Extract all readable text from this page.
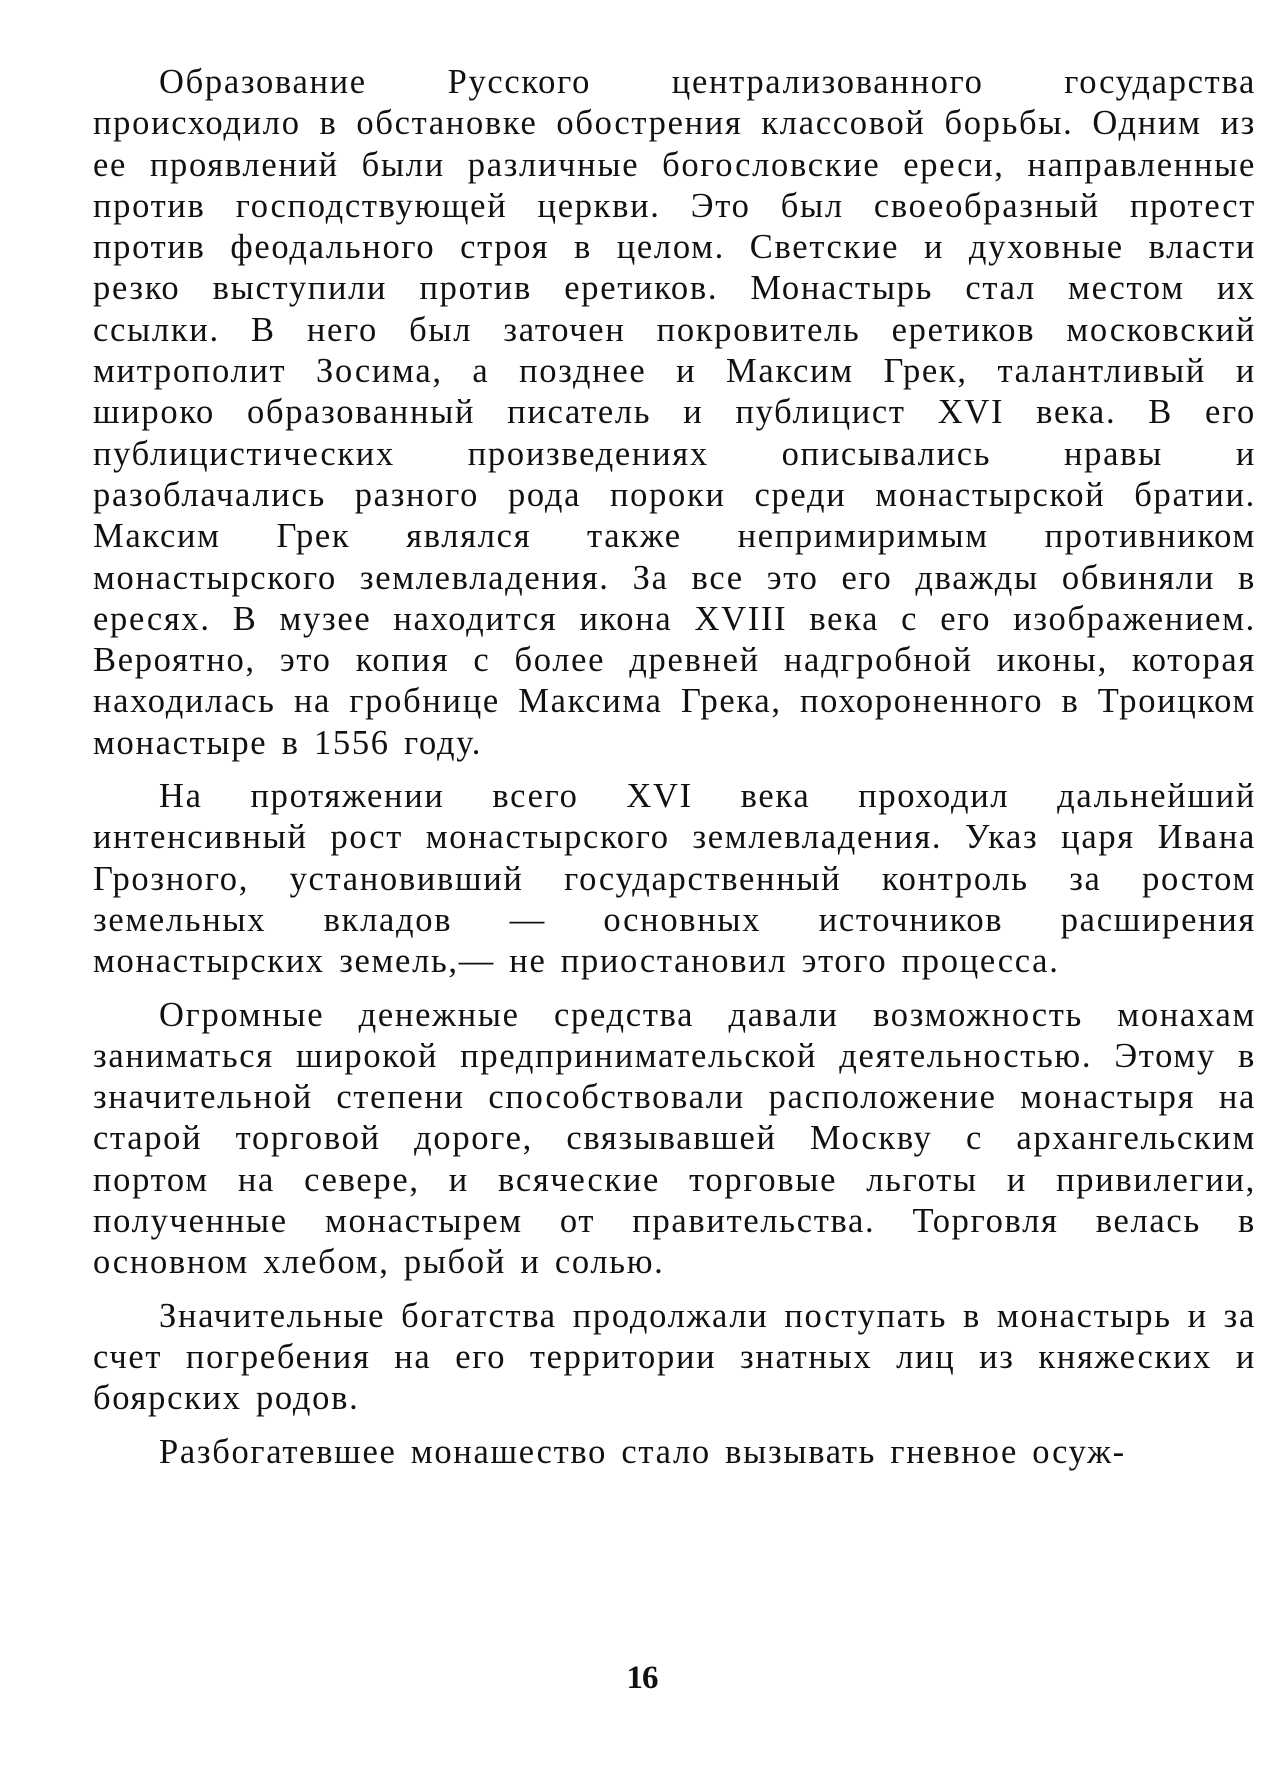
Образование Русского централизованного государства происходило в обстановке обострения классовой борьбы. Одним из ее проявлений были различные богословские ереси, направленные против господствующей церкви. Это был своеобразный протест против феодального строя в целом. Светские и духовные власти резко выступили против еретиков. Монастырь стал местом их ссылки. В него был заточен покровитель еретиков московский митрополит Зосима, а позднее и Максим Грек, талантливый и широко образованный писатель и публицист XVI века. В его публицистических произведениях описывались нравы и разоблачались разного рода пороки среди монастырской братии. Максим Грек являлся также непримиримым противником монастырского землевладения. За все это его дважды обвиняли в ересях. В музее находится икона XVIII века с его изображением. Вероятно, это копия с более древней надгробной иконы, которая находилась на гробнице Максима Грека, похороненного в Троицком монастыре в 1556 году.

На протяжении всего XVI века проходил дальнейший интенсивный рост монастырского землевладения. Указ царя Ивана Грозного, установивший государственный контроль за ростом земельных вкладов — основных источников расширения монастырских земель,— не приостановил этого процесса.

Огромные денежные средства давали возможность монахам заниматься широкой предпринимательской деятельностью. Этому в значительной степени способствовали расположение монастыря на старой торговой дороге, связывавшей Москву с архангельским портом на севере, и всяческие торговые льготы и привилегии, полученные монастырем от правительства. Торговля велась в основном хлебом, рыбой и солью.

Значительные богатства продолжали поступать в монастырь и за счет погребения на его территории знатных лиц из княжеских и боярских родов.

Разбогатевшее монашество стало вызывать гневное осуж-

16
